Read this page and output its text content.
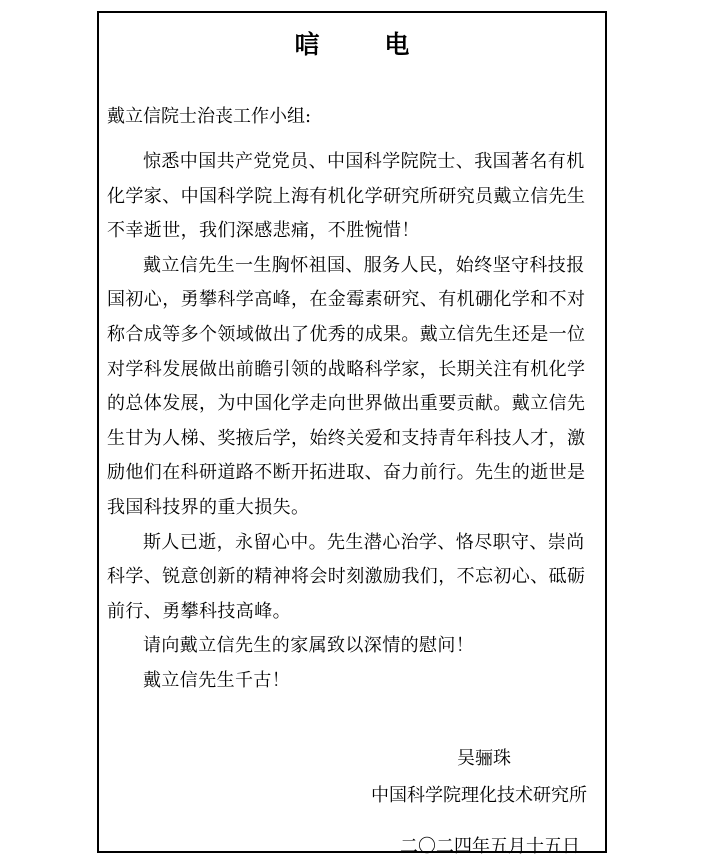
唁 电
戴立信院士治丧工作小组:

惊悉中国共产党党员、中国科学院院士、我国著名有机
化学家、中国科学院上海有机化学研究所研究员戴立信先生
不幸逝世，我们深感悲痛，不胜惋惜！

戴立信先生一生胸怀祖国、服务人民，始终坚守科技报
国初心，勇攀科学高峰，在金霉素研究、有机硼化学和不对
称合成等多个领域做出了优秀的成果。戴立信先生还是一位
对学科发展做出前瞻引领的战略科学家，长期关注有机化学
的总体发展，为中国化学走向世界做出重要贡献。戴立信先
生甘为人梯、奖掖后学，始终关爱和支持青年科技人才，激
励他们在科研道路不断开拓进取、奋力前行。先生的逝世是
我国科技界的重大损失。

斯人已逝，永留心中。先生潜心治学、恪尽职守、崇尚
科学、锐意创新的精神将会时刻激励我们，不忘初心、砥砺
前行、勇攀科技高峰。

请向戴立信先生的家属致以深情的慰问！

戴立信先生千古！

吴骊珠
中国科学院理化技术研究所
二〇二四年五月十五日
